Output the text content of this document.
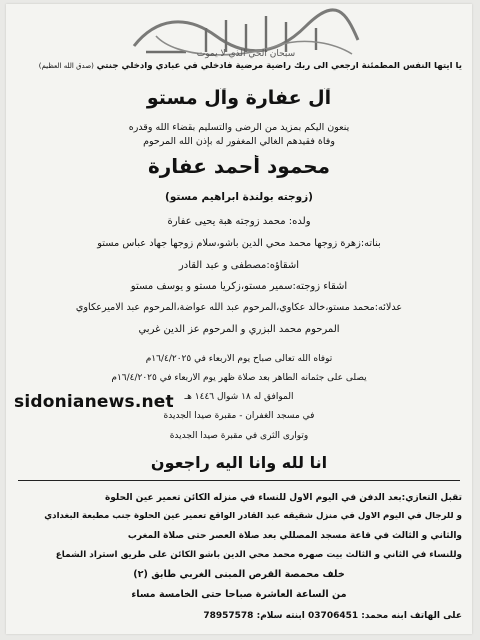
سبحان الحي الذي لا يموت
يا أيتها النفس المطمئنة ارجعي الى ربك راضية مرضية فادخلي في عبادي وادخلي جنتي (صدق الله العظيم)
آل عفارة وآل مستو
ينعون اليكم بمزيد من الرضى والتسليم بقضاء الله وقدره
وفاة فقيدهم الغالي المغفور له بإذن الله المرحوم
محمود أحمد عفارة
(زوجته بولندة ابراهيم مستو)
ولده: محمد زوجته هبة يحيى عفارة
بناته:زهرة زوجها محمد محي الدين باشو،سلام زوجها جهاد عباس مستو
أشقاؤه:مصطفى و عبد القادر
أشقاء زوجته:سمير مستو،زكريا مستو و يوسف مستو
عدلائه:محمد مستو،خالد عكاوي،المرحوم عبد الله عواضة،المرحوم عبد الاميرعكاوي
المرحوم محمد البزري و المرحوم عز الدين غربي
توفاه الله تعالى صباح يوم الاربعاء في ١٦/٤/٢٠٢٥م
يصلى على جثمانه الطاهر بعد صلاة ظهر يوم الاربعاء في ١٦/٤/٢٠٢٥م
الموافق له ١٨ شوال ١٤٤٦ هـ
في مسجد الغفران - مقبرة صيدا الجديدة
وتوارى الثرى في مقبرة صيدا الجديدة
sidonianews.net
انا لله وانا اليه راجعون
تقبل التعازي:بعد الدفن في اليوم الاول للنساء في منزله الكائن تعمير عين الحلوة
و للرجال في اليوم الاول في منزل شقيقه عبد القادر الواقع تعمير عين الحلوة جنب مطبعة البغدادي
والثاني و الثالث في قاعة مسجد المصللي بعد صلاة العصر حتى صلاة المغرب
وللنساء في الثاني و الثالث بيت صهره محمد محي الدين باشو الكائن على طريق استراد الشماع
خلف محمصة القرص المبنى الغربي طابق (٢)
من الساعة العاشرة صباحا حتى الخامسة مساء
على الهاتف ابنه محمد: 03706451 ابنته سلام: 78957578
